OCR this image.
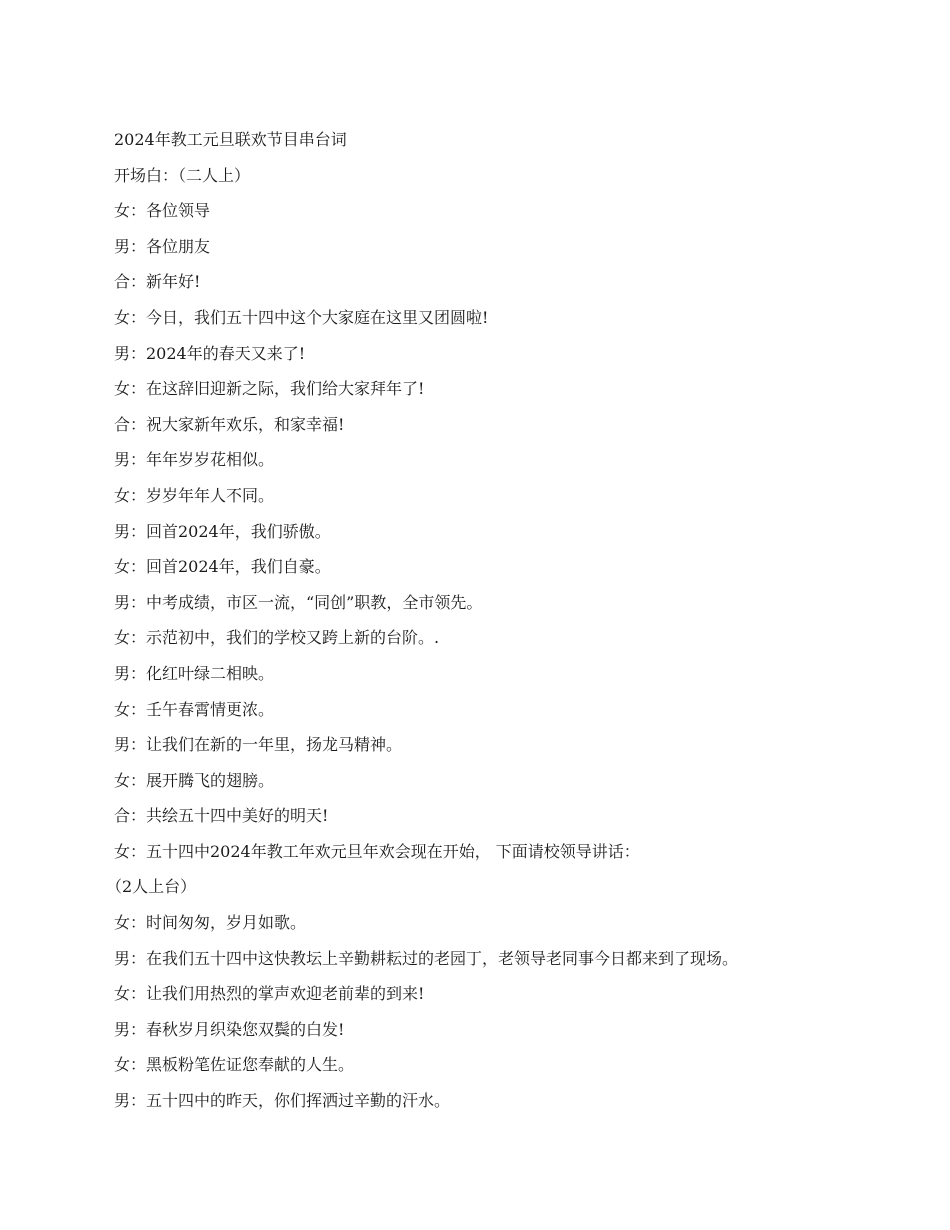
2024年教工元旦联欢节目串台词
开场白：（二人上）
女：各位领导
男：各位朋友
合：新年好!
女：今日，我们五十四中这个大家庭在这里又团圆啦!
男：2024年的春天又来了!
女：在这辞旧迎新之际，我们给大家拜年了!
合：祝大家新年欢乐，和家幸福!
男：年年岁岁花相似。
女：岁岁年年人不同。
男：回首2024年，我们骄傲。
女：回首2024年，我们自豪。
男：中考成绩，市区一流，“同创”职教，全市领先。
女：示范初中，我们的学校又跨上新的台阶。.
男：化红叶绿二相映。
女：壬午春霄情更浓。
男：让我们在新的一年里，扬龙马精神。
女：展开腾飞的翅膀。
合：共绘五十四中美好的明天!
女：五十四中2024年教工年欢元旦年欢会现在开始， 下面请校领导讲话：
（2人上台）
女：时间匆匆，岁月如歌。
男：在我们五十四中这快教坛上辛勤耕耘过的老园丁，老领导老同事今日都来到了现场。
女：让我们用热烈的掌声欢迎老前辈的到来!
男：春秋岁月织染您双鬓的白发!
女：黑板粉笔佐证您奉献的人生。
男：五十四中的昨天，你们挥洒过辛勤的汗水。
